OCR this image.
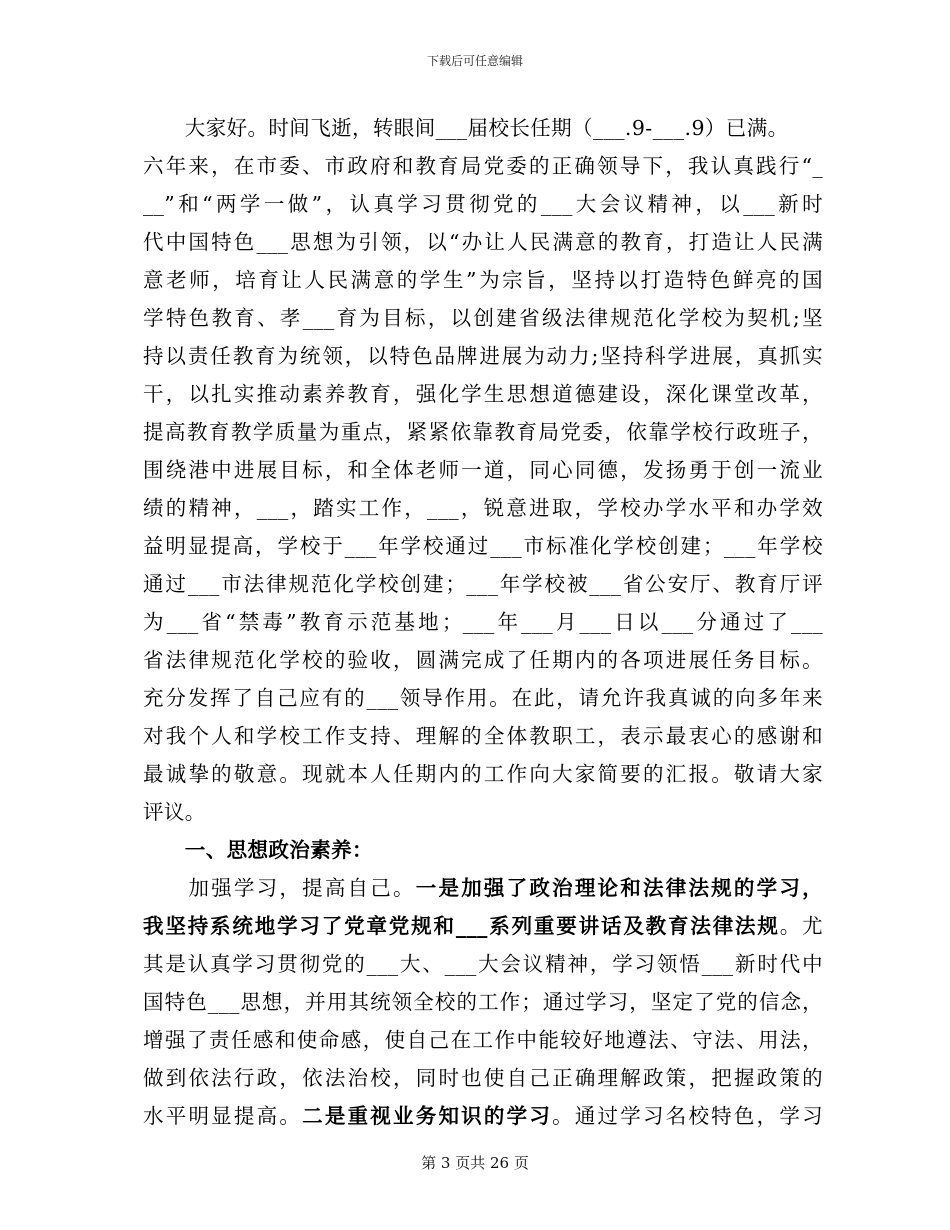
下载后可任意编辑
　　大家好。时间飞逝，转眼间___届校长任期（___.9-___.9）已满。
六年来，在市委、市政府和教育局党委的正确领导下，我认真践行“_
__”和“两学一做”，认真学习贯彻党的___大会议精神，以___新时
代中国特色___思想为引领，以“办让人民满意的教育，打造让人民满
意老师，培育让人民满意的学生”为宗旨，坚持以打造特色鲜亮的国
学特色教育、孝___育为目标，以创建省级法律规范化学校为契机;坚
持以责任教育为统领，以特色品牌进展为动力;坚持科学进展，真抓实
干，以扎实推动素养教育，强化学生思想道德建设，深化课堂改革，
提高教育教学质量为重点，紧紧依靠教育局党委，依靠学校行政班子，
围绕港中进展目标，和全体老师一道，同心同德，发扬勇于创一流业
绩的精神，___，踏实工作，___，锐意进取，学校办学水平和办学效
益明显提高，学校于___年学校通过___市标准化学校创建；___年学校
通过___市法律规范化学校创建；___年学校被___省公安厅、教育厅评
为___省“禁毒”教育示范基地；___年___月___日以___分通过了___
省法律规范化学校的验收，圆满完成了任期内的各项进展任务目标。
充分发挥了自己应有的___领导作用。在此，请允许我真诚的向多年来
对我个人和学校工作支持、理解的全体教职工，表示最衷心的感谢和
最诚挚的敬意。现就本人任期内的工作向大家简要的汇报。敬请大家
评议。
　　一、思想政治素养：
　　加强学习，提高自己。一是加强了政治理论和法律法规的学习，
我坚持系统地学习了党章党规和___系列重要讲话及教育法律法规。尤
其是认真学习贯彻党的___大、___大会议精神，学习领悟___新时代中
国特色___思想，并用其统领全校的工作；通过学习，坚定了党的信念，
增强了责任感和使命感，使自己在工作中能较好地遵法、守法、用法，
做到依法行政，依法治校，同时也使自己正确理解政策，把握政策的
水平明显提高。二是重视业务知识的学习。通过学习名校特色，学习
第 3 页共 26 页
